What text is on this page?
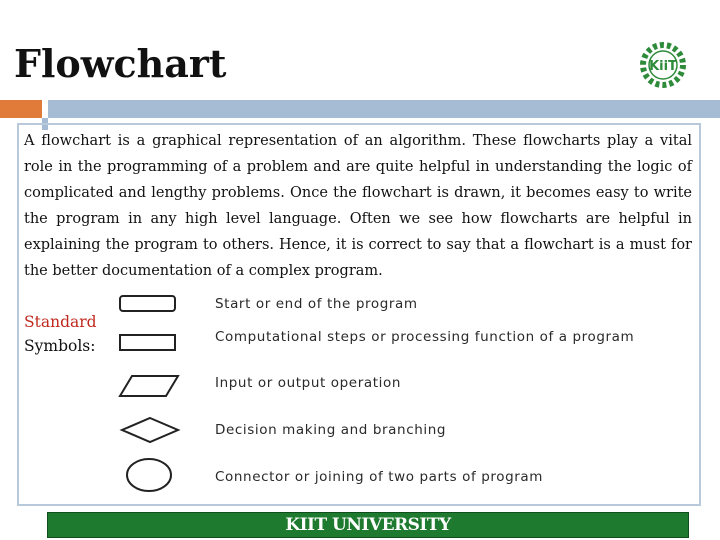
Flowchart	KiiT

A flowchart is a graphical representation of an algorithm. These flowcharts play a vital role in the programming of a problem and are quite helpful in understanding the logic of complicated and lengthy problems. Once the flowchart is drawn, it becomes easy to write the program in any high level language. Often we see how flowcharts are helpful in explaining the program to others. Hence, it is correct to say that a flowchart is a must for the better documentation of a complex program.

Standard
Symbols:

Start or end of the program

Computational steps or processing function of a program

Input or output operation

Decision making and branching

Connector or joining of two parts of program

KIIT UNIVERSITY
